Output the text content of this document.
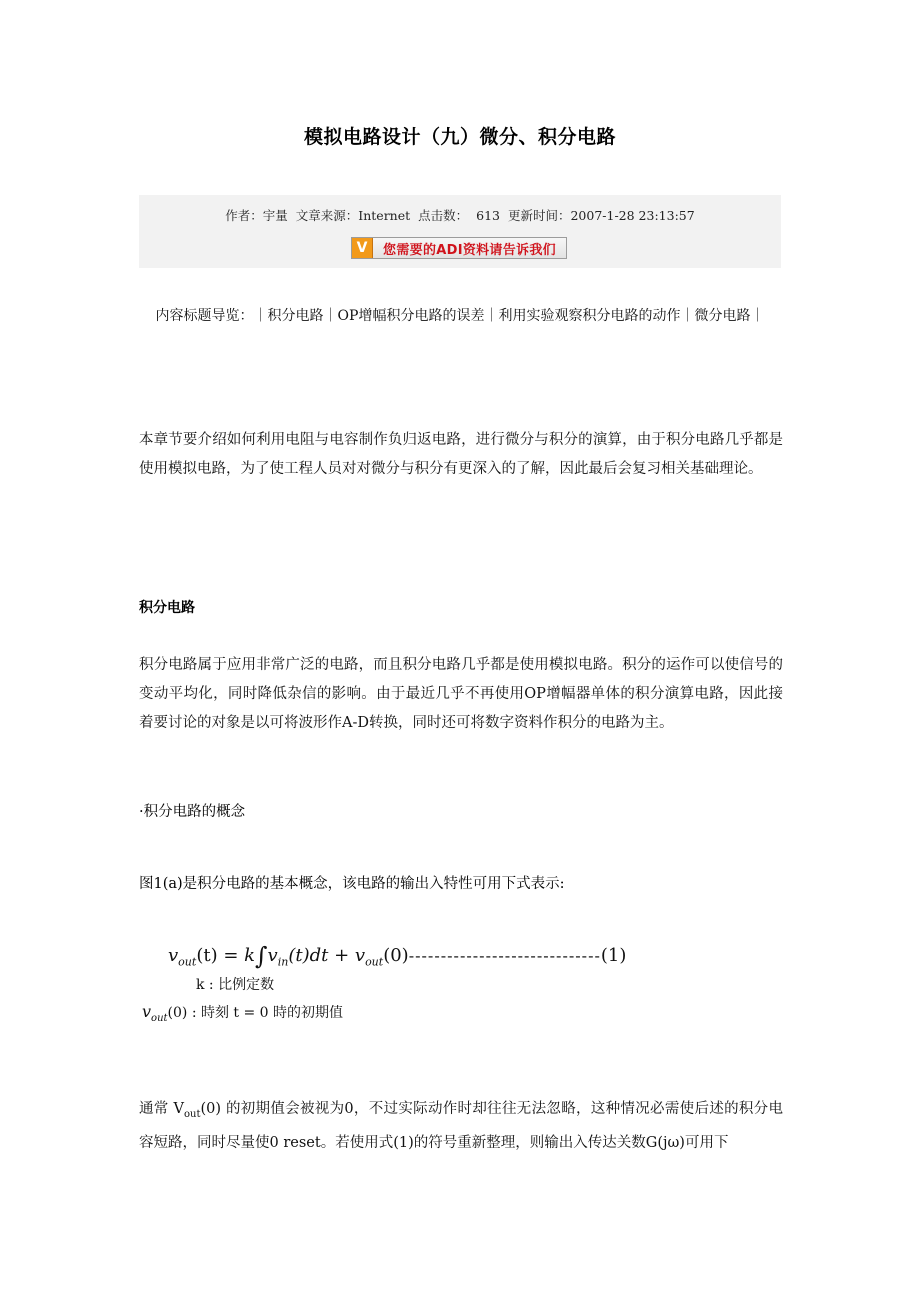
模拟电路设计（九）微分、积分电路
作者：宇量 文章来源：Internet 点击数： 613 更新时间：2007-1-28 23:13:57
V	您需要的ADI资料请告诉我们
内容标题导览：｜积分电路｜OP增幅积分电路的误差｜利用实验观察积分电路的动作｜微分电路｜
本章节要介绍如何利用电阻与电容制作负归返电路，进行微分与积分的演算，由于积分电路几乎都是使用模拟电路，为了使工程人员对对微分与积分有更深入的了解，因此最后会复习相关基础理论。
积分电路
积分电路属于应用非常广泛的电路，而且积分电路几乎都是使用模拟电路。积分的运作可以使信号的变动平均化，同时降低杂信的影响。由于最近几乎不再使用OP增幅器单体的积分演算电路，因此接着要讨论的对象是以可将波形作A-D转换，同时还可将数字资料作积分的电路为主。
·积分电路的概念
图1(a)是积分电路的基本概念，该电路的输出入特性可用下式表示:
$v_{out}(t) = k\int v_{in}(t)dt + v_{out}(0)------------------------------(1)$
k : 比例定数
$v_{out}(0)$ : 時刻 t = 0 時的初期值
通常 $V_{out}(0)$ 的初期值会被视为0，不过实际动作时却往往无法忽略，这种情况必需使后述的积分电容短路，同时尽量使0 reset。若使用式(1)的符号重新整理，则输出入传达关数G(jω)可用下
